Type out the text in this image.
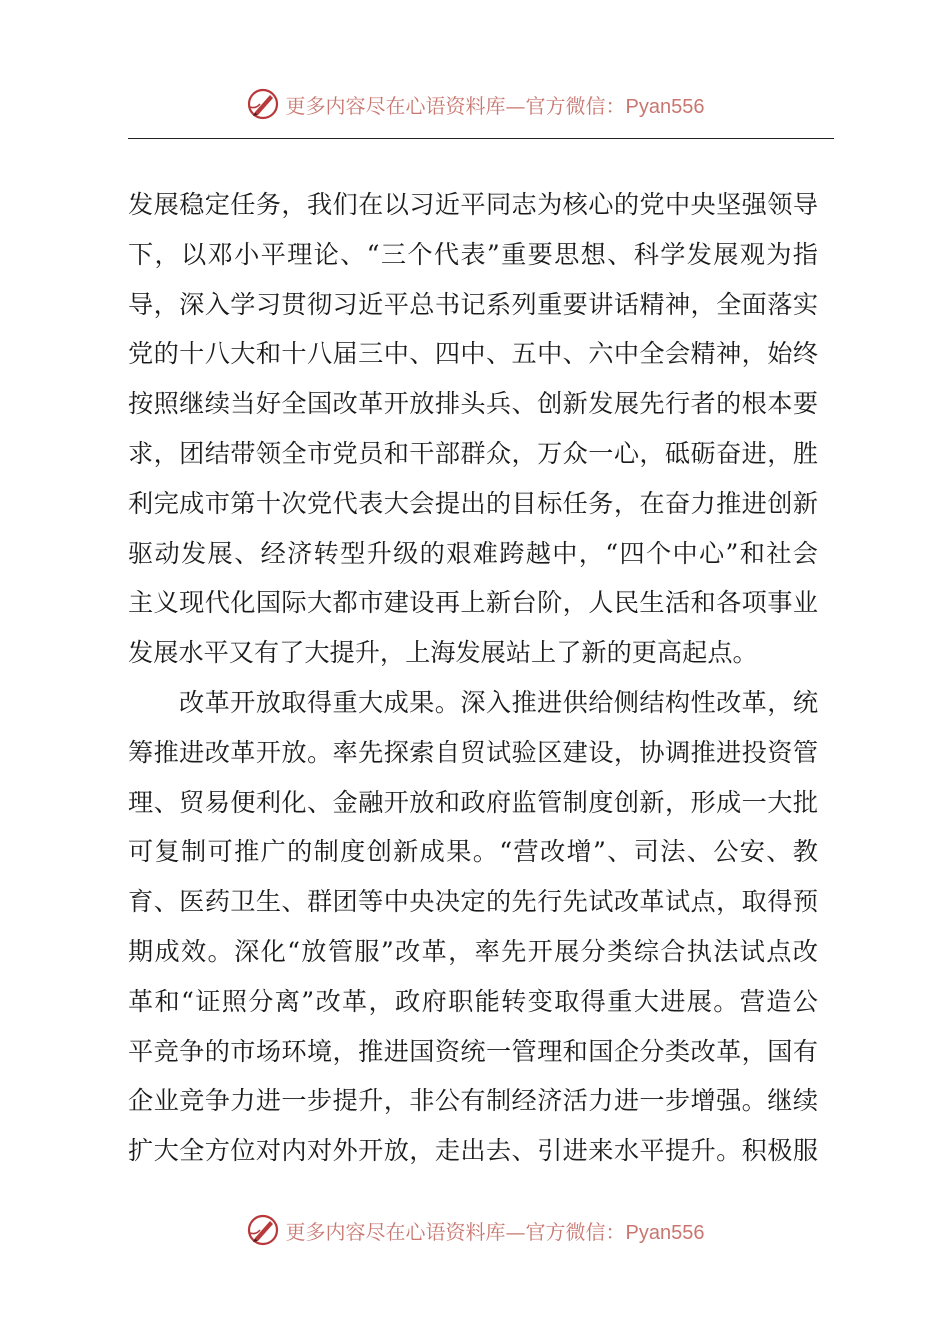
更多内容尽在心语资料库—官方微信：Pyan556
发展稳定任务，我们在以习近平同志为核心的党中央坚强领导
下，以邓小平理论、“三个代表”重要思想、科学发展观为指
导，深入学习贯彻习近平总书记系列重要讲话精神，全面落实
党的十八大和十八届三中、四中、五中、六中全会精神，始终
按照继续当好全国改革开放排头兵、创新发展先行者的根本要
求，团结带领全市党员和干部群众，万众一心，砥砺奋进，胜
利完成市第十次党代表大会提出的目标任务，在奋力推进创新
驱动发展、经济转型升级的艰难跨越中，“四个中心”和社会
主义现代化国际大都市建设再上新台阶，人民生活和各项事业
发展水平又有了大提升，上海发展站上了新的更高起点。
改革开放取得重大成果。深入推进供给侧结构性改革，统
筹推进改革开放。率先探索自贸试验区建设，协调推进投资管
理、贸易便利化、金融开放和政府监管制度创新，形成一大批
可复制可推广的制度创新成果。“营改增”、司法、公安、教
育、医药卫生、群团等中央决定的先行先试改革试点，取得预
期成效。深化“放管服”改革，率先开展分类综合执法试点改
革和“证照分离”改革，政府职能转变取得重大进展。营造公
平竞争的市场环境，推进国资统一管理和国企分类改革，国有
企业竞争力进一步提升，非公有制经济活力进一步增强。继续
扩大全方位对内对外开放，走出去、引进来水平提升。积极服
更多内容尽在心语资料库—官方微信：Pyan556
